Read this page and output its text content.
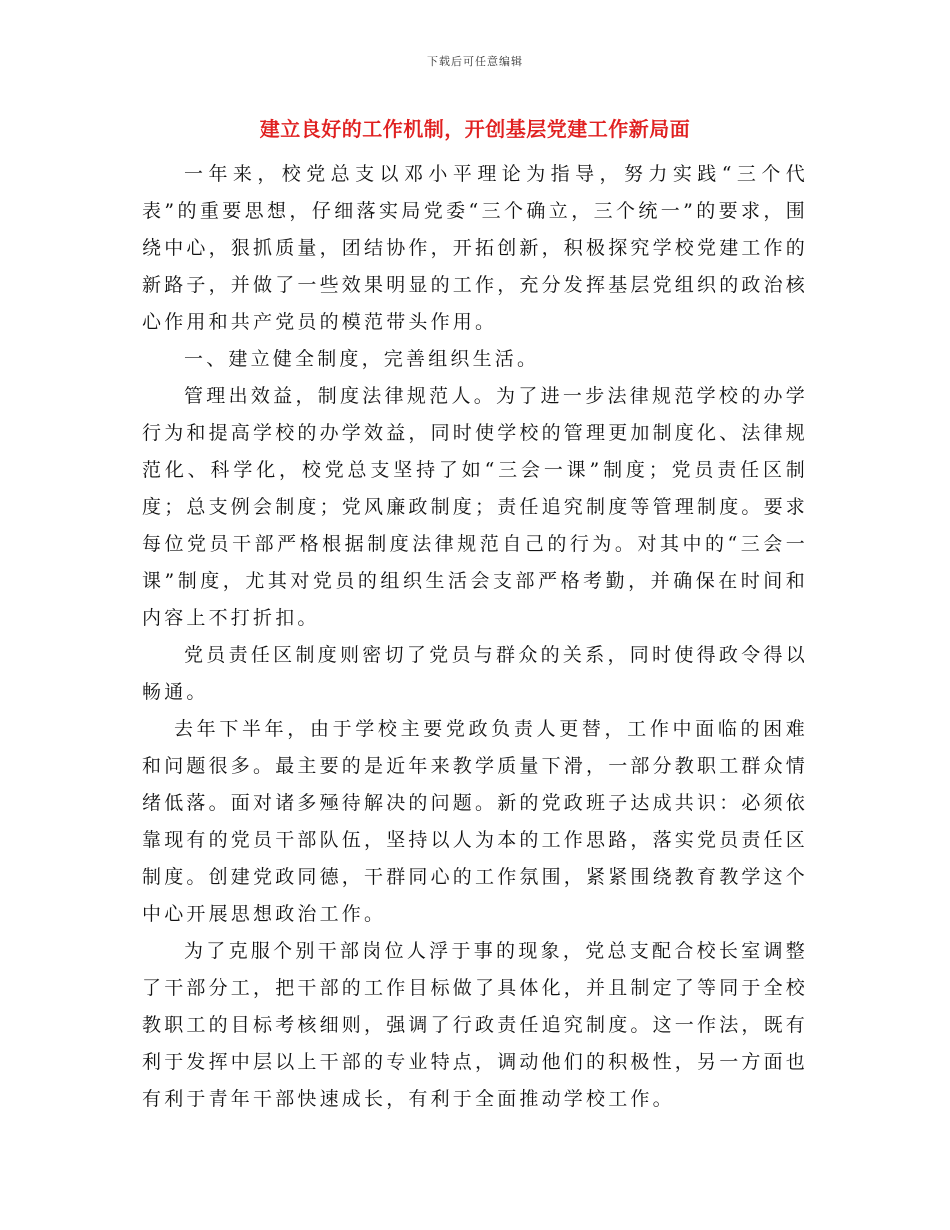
下载后可任意编辑
建立良好的工作机制，开创基层党建工作新局面

一年来，校党总支以邓小平理论为指导，努力实践“三个代表”的重要思想，仔细落实局党委“三个确立，三个统一”的要求，围绕中心，狠抓质量，团结协作，开拓创新，积极探究学校党建工作的新路子，并做了一些效果明显的工作，充分发挥基层党组织的政治核心作用和共产党员的模范带头作用。

一、建立健全制度，完善组织生活。

管理出效益，制度法律规范人。为了进一步法律规范学校的办学行为和提高学校的办学效益，同时使学校的管理更加制度化、法律规范化、科学化，校党总支坚持了如“三会一课”制度；党员责任区制度；总支例会制度；党风廉政制度；责任追究制度等管理制度。要求每位党员干部严格根据制度法律规范自己的行为。对其中的“三会一课”制度，尤其对党员的组织生活会支部严格考勤，并确保在时间和内容上不打折扣。

党员责任区制度则密切了党员与群众的关系，同时使得政令得以畅通。

去年下半年，由于学校主要党政负责人更替，工作中面临的困难和问题很多。最主要的是近年来教学质量下滑，一部分教职工群众情绪低落。面对诸多殛待解决的问题。新的党政班子达成共识：必须依靠现有的党员干部队伍，坚持以人为本的工作思路，落实党员责任区制度。创建党政同德，干群同心的工作氛围，紧紧围绕教育教学这个中心开展思想政治工作。

为了克服个别干部岗位人浮于事的现象，党总支配合校长室调整了干部分工，把干部的工作目标做了具体化，并且制定了等同于全校教职工的目标考核细则，强调了行政责任追究制度。这一作法，既有利于发挥中层以上干部的专业特点，调动他们的积极性，另一方面也有利于青年干部快速成长，有利于全面推动学校工作。
